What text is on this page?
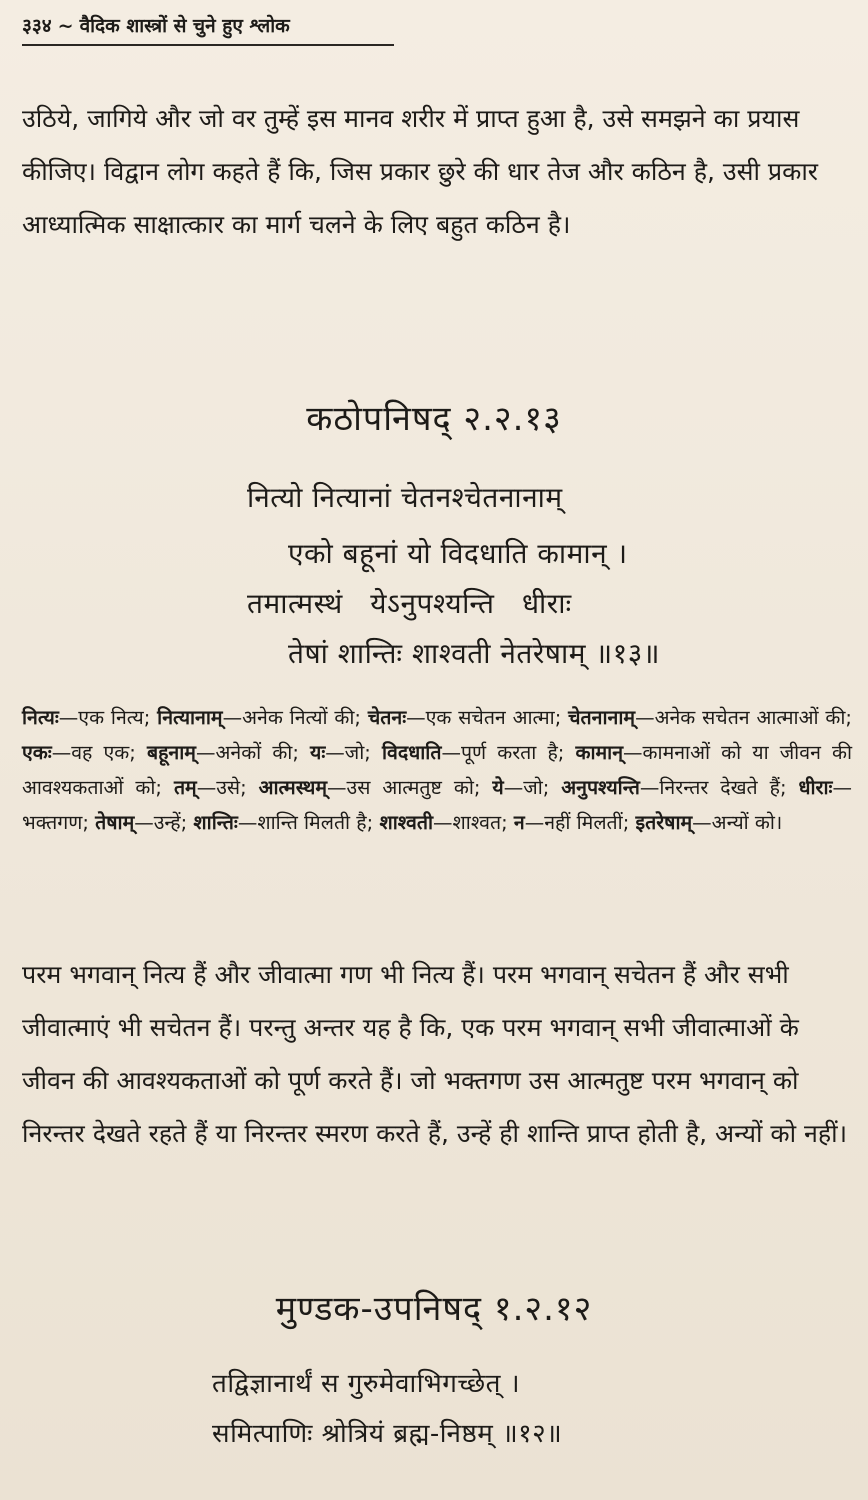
३३४ ~ वैदिक शास्त्रों से चुने हुए श्लोक

उठिये, जागिये और जो वर तुम्हें इस मानव शरीर में प्राप्त हुआ है, उसे समझने का प्रयास कीजिए। विद्वान लोग कहते हैं कि, जिस प्रकार छुरे की धार तेज और कठिन है, उसी प्रकार आध्यात्मिक साक्षात्कार का मार्ग चलने के लिए बहुत कठिन है।

कठोपनिषद् २.२.१३
नित्यो नित्यानां चेतनश्चेतनानाम्
एको बहूनां यो विदधाति कामान् ।
तमात्मस्थं येऽनुपश्यन्ति धीराः
तेषां शान्तिः शाश्वती नेतरेषाम् ॥१३॥

नित्यः—एक नित्य; नित्यानाम्—अनेक नित्यों की; चेतनः—एक सचेतन आत्मा; चेतनानाम्—अनेक सचेतन आत्माओं की; एकः—वह एक; बहूनाम्—अनेकों की; यः—जो; विदधाति—पूर्ण करता है; कामान्—कामनाओं को या जीवन की आवश्यकताओं को; तम्—उसे; आत्मस्थम्—उस आत्मतुष्ट को; ये—जो; अनुपश्यन्ति—निरन्तर देखते हैं; धीराः—भक्तगण; तेषाम्—उन्हें; शान्तिः—शान्ति मिलती है; शाश्वती—शाश्वत; न—नहीं मिलतीं; इतरेषाम्—अन्यों को।

परम भगवान् नित्य हैं और जीवात्मा गण भी नित्य हैं। परम भगवान् सचेतन हैं और सभी जीवात्माएं भी सचेतन हैं। परन्तु अन्तर यह है कि, एक परम भगवान् सभी जीवात्माओं के जीवन की आवश्यकताओं को पूर्ण करते हैं। जो भक्तगण उस आत्मतुष्ट परम भगवान् को निरन्तर देखते रहते हैं या निरन्तर स्मरण करते हैं, उन्हें ही शान्ति प्राप्त होती है, अन्यों को नहीं।

मुण्डक-उपनिषद् १.२.१२
तद्विज्ञानार्थं स गुरुमेवाभिगच्छेत् ।
समित्पाणिः श्रोत्रियं ब्रह्म-निष्ठम् ॥१२॥
